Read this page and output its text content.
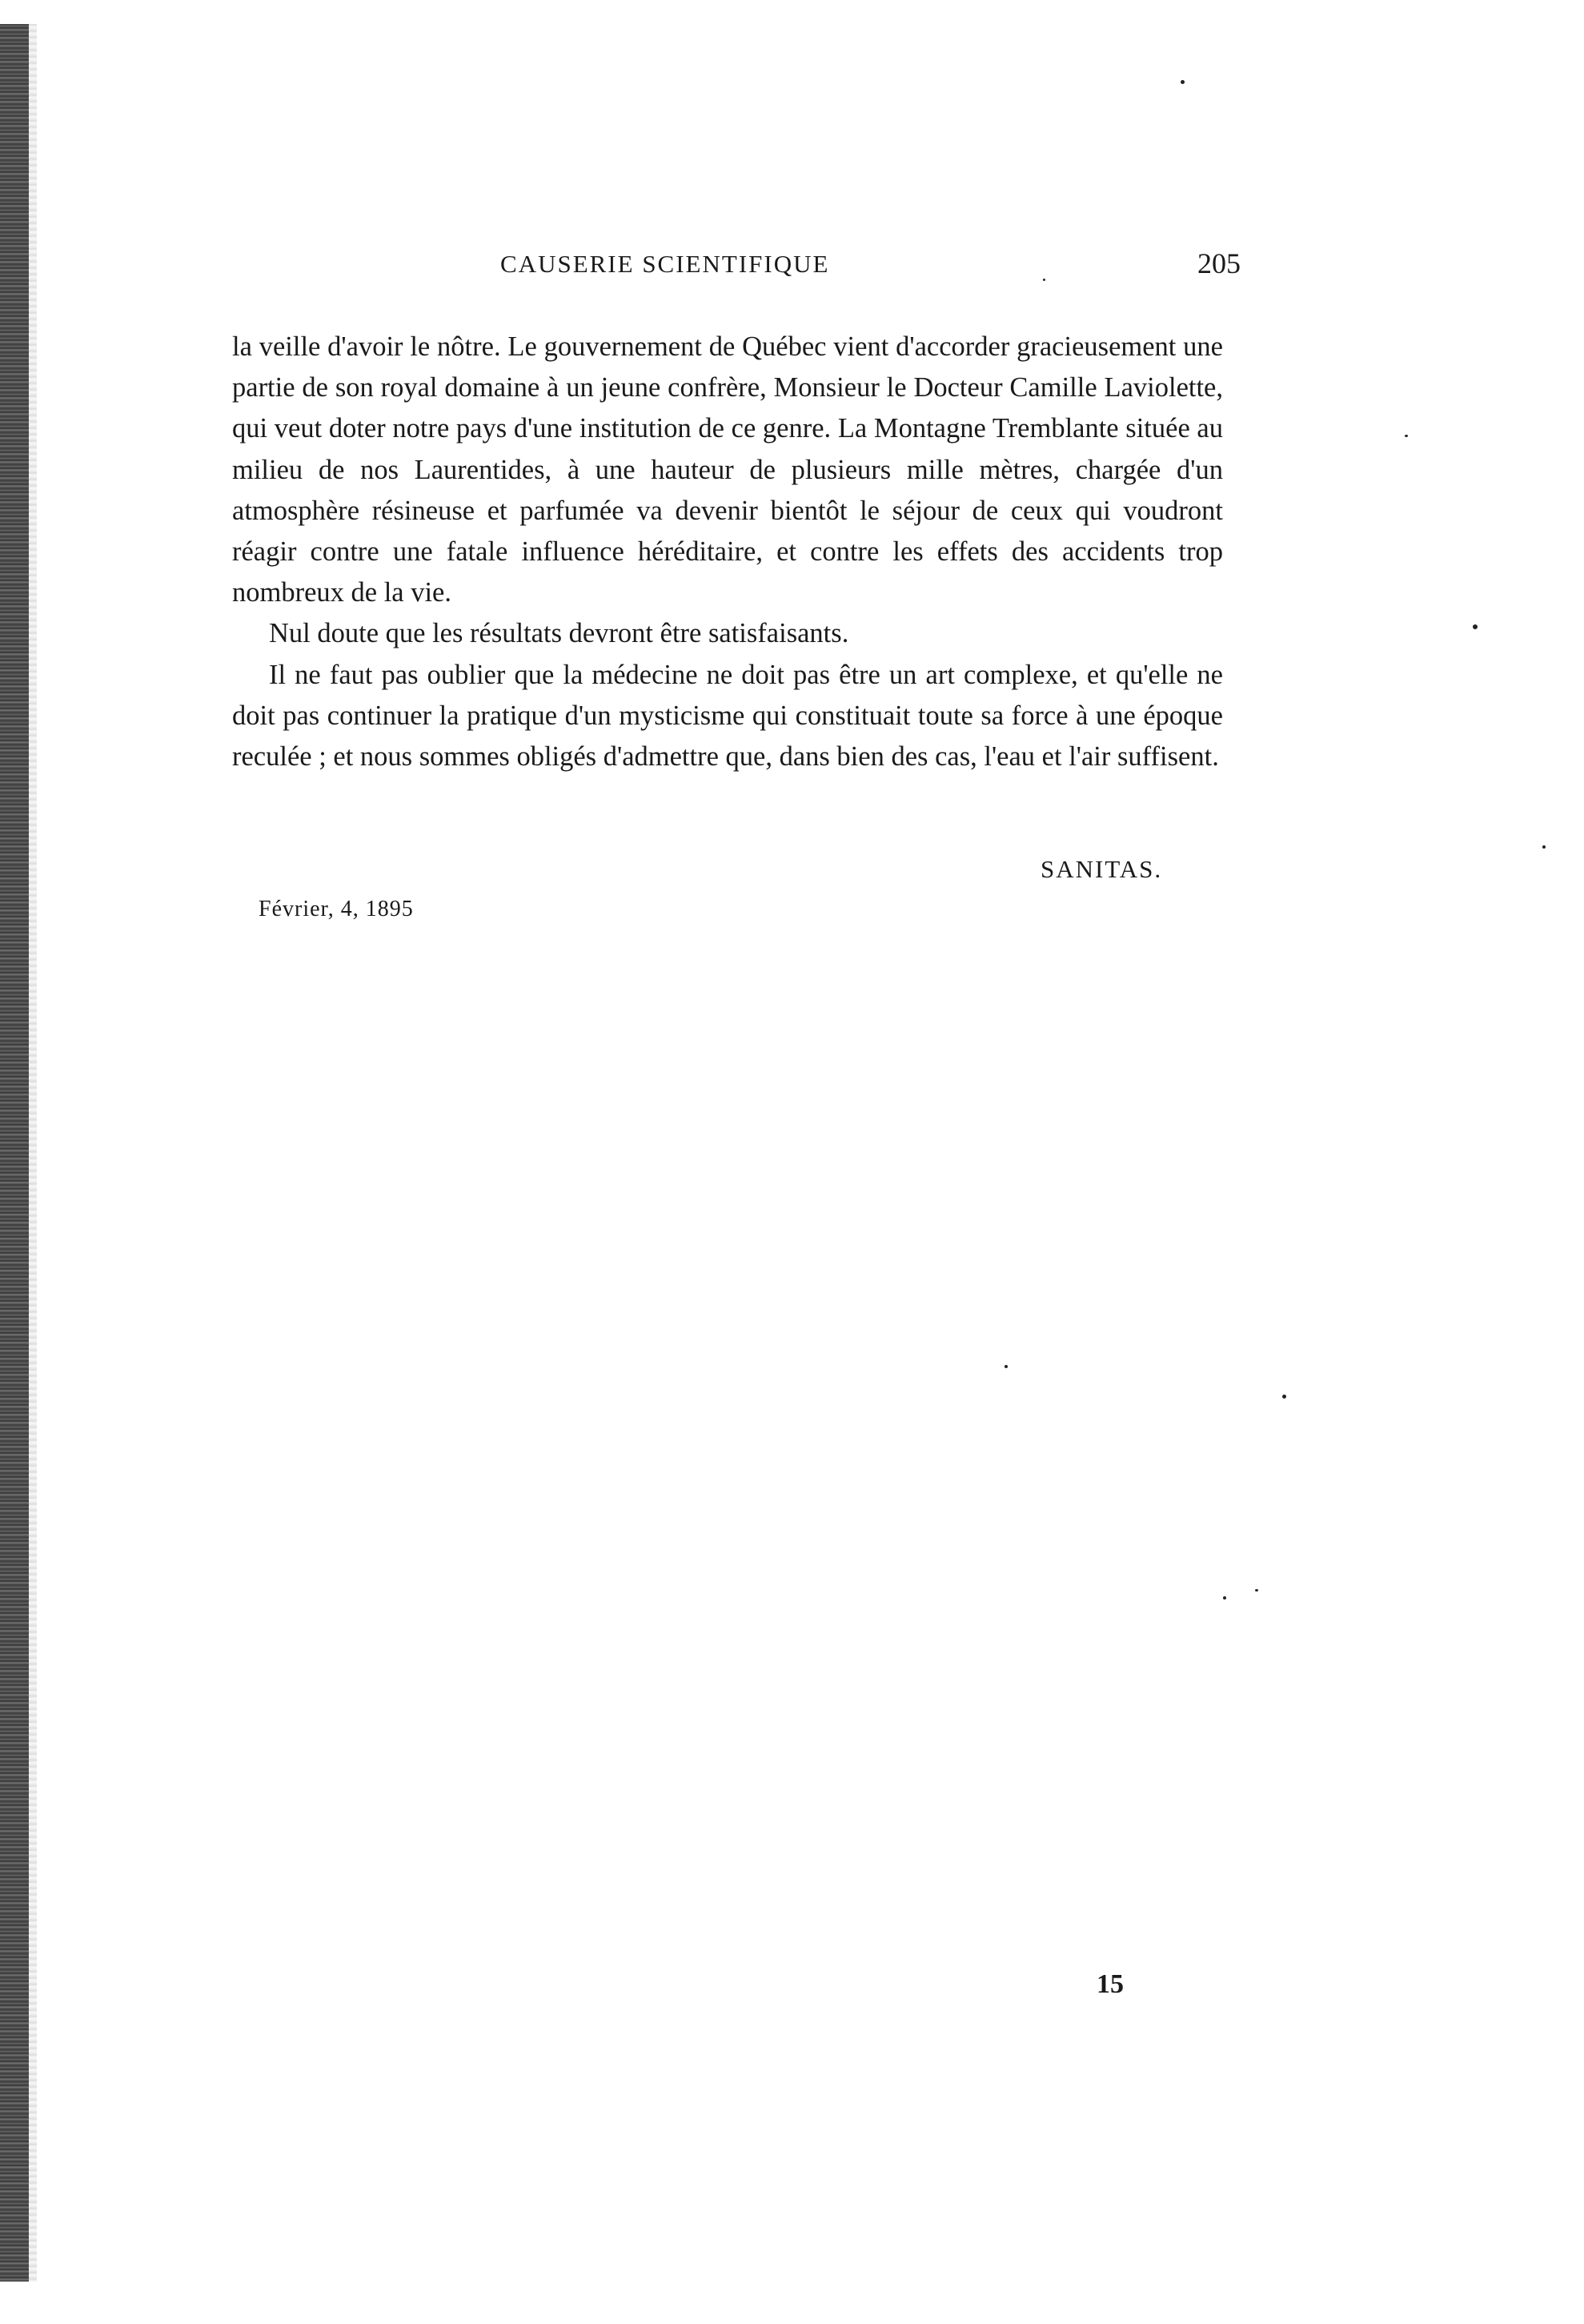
CAUSERIE SCIENTIFIQUE	205

la veille d'avoir le nôtre. Le gouvernement de Québec vient d'accorder gracieusement une partie de son royal domaine à un jeune confrère, Monsieur le Docteur Camille Laviolette, qui veut doter notre pays d'une institution de ce genre. La Montagne Tremblante située au milieu de nos Laurentides, à une hauteur de plusieurs mille mètres, chargée d'un atmosphère résineuse et parfumée va devenir bientôt le séjour de ceux qui voudront réagir contre une fatale influence héréditaire, et contre les effets des accidents trop nombreux de la vie.

Nul doute que les résultats devront être satisfaisants.

Il ne faut pas oublier que la médecine ne doit pas être un art complexe, et qu'elle ne doit pas continuer la pratique d'un mysticisme qui constituait toute sa force à une époque reculée ; et nous sommes obligés d'admettre que, dans bien des cas, l'eau et l'air suffisent.

SANITAS.
Février, 4, 1895
15
